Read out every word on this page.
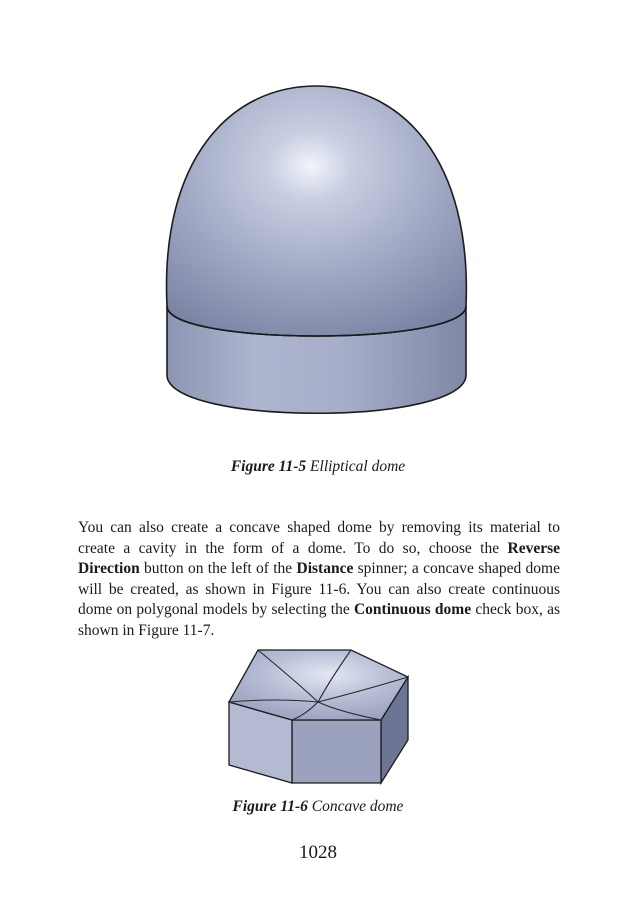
Figure 11-5 Elliptical dome

You can also create a concave shaped dome by removing its material to create a cavity in the form of a dome. To do so, choose the Reverse Direction button on the left of the Distance spinner; a concave shaped dome will be created, as shown in Figure 11-6. You can also create continuous dome on polygonal models by selecting the Continuous dome check box, as shown in Figure 11-7.

Figure 11-6 Concave dome
1028
